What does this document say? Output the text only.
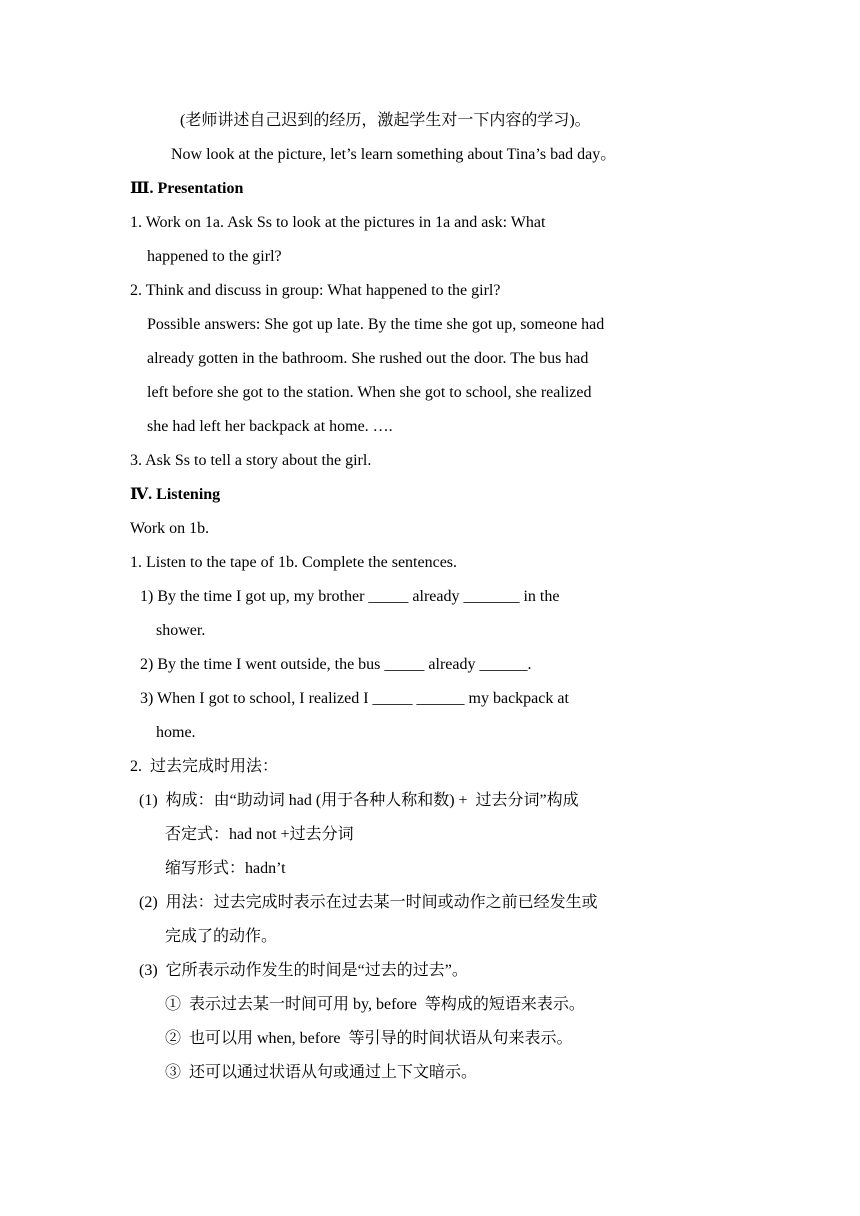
(老师讲述自己迟到的经历，激起学生对一下内容的学习)。
Now look at the picture, let’s learn something about Tina’s bad day。
Ⅲ. Presentation
1. Work on 1a. Ask Ss to look at the pictures in 1a and ask: What
happened to the girl?
2. Think and discuss in group: What happened to the girl?
Possible answers: She got up late. By the time she got up, someone had
already gotten in the bathroom. She rushed out the door. The bus had
left before she got to the station. When she got to school, she realized
she had left her backpack at home. ….
3. Ask Ss to tell a story about the girl.
Ⅳ. Listening
Work on 1b.
1. Listen to the tape of 1b. Complete the sentences.
1) By the time I got up, my brother _____ already _______ in the
shower.
2) By the time I went outside, the bus _____ already ______.
3) When I got to school, I realized I _____ ______ my backpack at
home.
2.  过去完成时用法：
(1)  构成：由“助动词 had (用于各种人称和数) +  过去分词”构成
否定式：had not +过去分词
缩写形式：hadn’t
(2)  用法：过去完成时表示在过去某一时间或动作之前已经发生或
完成了的动作。
(3)  它所表示动作发生的时间是“过去的过去”。
①  表示过去某一时间可用 by, before  等构成的短语来表示。
②  也可以用 when, before  等引导的时间状语从句来表示。
③  还可以通过状语从句或通过上下文暗示。
